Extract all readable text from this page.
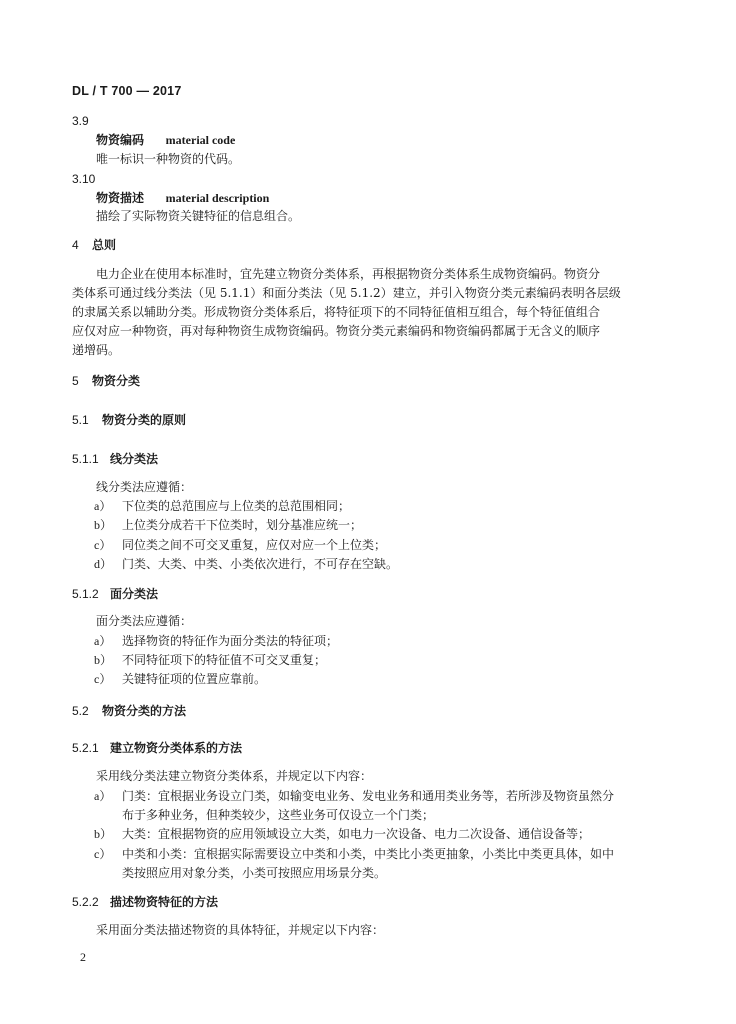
DL / T 700 — 2017
3.9
物资编码 material code
唯一标识一种物资的代码。
3.10
物资描述 material description
描绘了实际物资关键特征的信息组合。
4 总则
电力企业在使用本标准时，宜先建立物资分类体系，再根据物资分类体系生成物资编码。物资分
类体系可通过线分类法（见 5.1.1）和面分类法（见 5.1.2）建立，并引入物资分类元素编码表明各层级
的隶属关系以辅助分类。形成物资分类体系后，将特征项下的不同特征值相互组合，每个特征值组合
应仅对应一种物资，再对每种物资生成物资编码。物资分类元素编码和物资编码都属于无含义的顺序
递增码。
5 物资分类
5.1 物资分类的原则
5.1.1 线分类法
线分类法应遵循：
a） 下位类的总范围应与上位类的总范围相同；
b） 上位类分成若干下位类时，划分基准应统一；
c） 同位类之间不可交叉重复，应仅对应一个上位类；
d） 门类、大类、中类、小类依次进行，不可存在空缺。
5.1.2 面分类法
面分类法应遵循：
a） 选择物资的特征作为面分类法的特征项；
b） 不同特征项下的特征值不可交叉重复；
c） 关键特征项的位置应靠前。
5.2 物资分类的方法
5.2.1 建立物资分类体系的方法
采用线分类法建立物资分类体系，并规定以下内容：
a） 门类：宜根据业务设立门类，如输变电业务、发电业务和通用类业务等，若所涉及物资虽然分
布于多种业务，但种类较少，这些业务可仅设立一个门类；
b） 大类：宜根据物资的应用领域设立大类，如电力一次设备、电力二次设备、通信设备等；
c） 中类和小类：宜根据实际需要设立中类和小类，中类比小类更抽象，小类比中类更具体，如中
类按照应用对象分类，小类可按照应用场景分类。
5.2.2 描述物资特征的方法
采用面分类法描述物资的具体特征，并规定以下内容：
2
